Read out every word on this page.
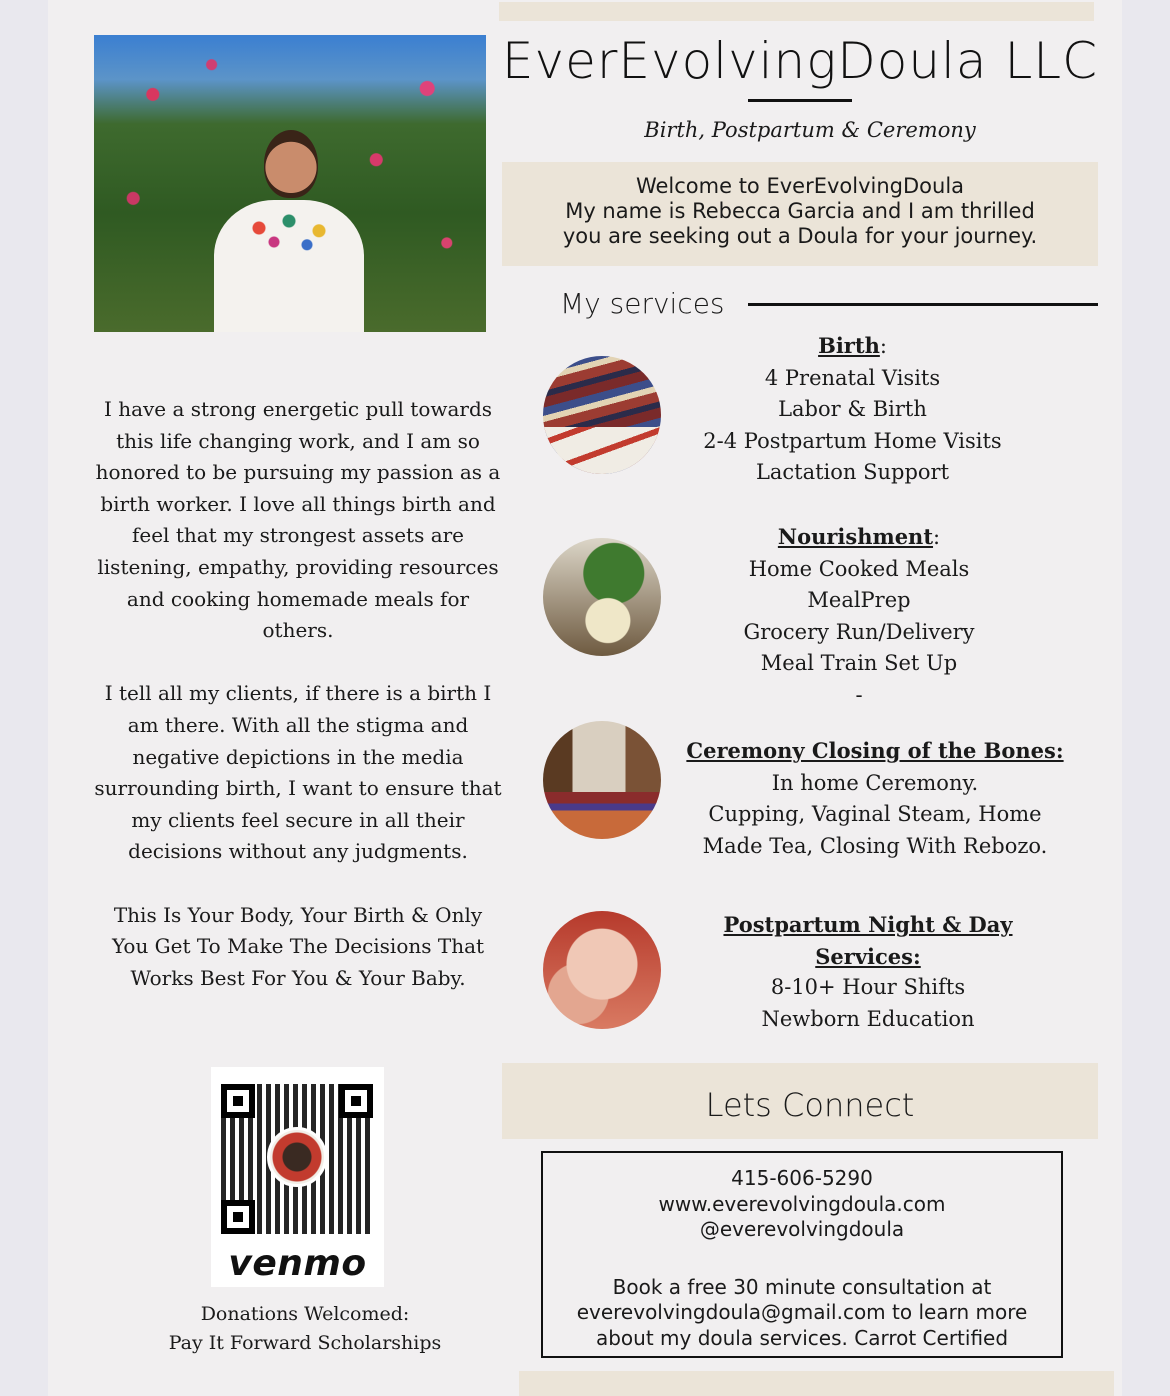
EverEvolvingDoula LLC
Birth, Postpartum & Ceremony
Welcome to EverEvolvingDoula
My name is Rebecca Garcia and I am thrilled
you are seeking out a Doula for your journey.
My services
Birth:
4 Prenatal Visits
Labor & Birth
2-4 Postpartum Home Visits
Lactation Support
Nourishment:
Home Cooked Meals
MealPrep
Grocery Run/Delivery
Meal Train Set Up
-
Ceremony Closing of the Bones:
In home Ceremony.
Cupping, Vaginal Steam, Home
Made Tea, Closing With Rebozo.
Postpartum Night & Day
Services:
8-10+ Hour Shifts
Newborn Education

I have a strong energetic pull towards this life changing work, and I am so honored to be pursuing my passion as a birth worker. I love all things birth and feel that my strongest assets are listening, empathy, providing resources and cooking homemade meals for others.

I tell all my clients, if there is a birth I am there. With all the stigma and negative depictions in the media surrounding birth, I want to ensure that my clients feel secure in all their decisions without any judgments.

This Is Your Body, Your Birth & Only You Get To Make The Decisions That Works Best For You & Your Baby.

venmo
Donations Welcomed:
Pay It Forward Scholarships
Lets Connect
415-606-5290
www.everevolvingdoula.com
@everevolvingdoula
Book a free 30 minute consultation at
everevolvingdoula@gmail.com to learn more
about my doula services. Carrot Certified
